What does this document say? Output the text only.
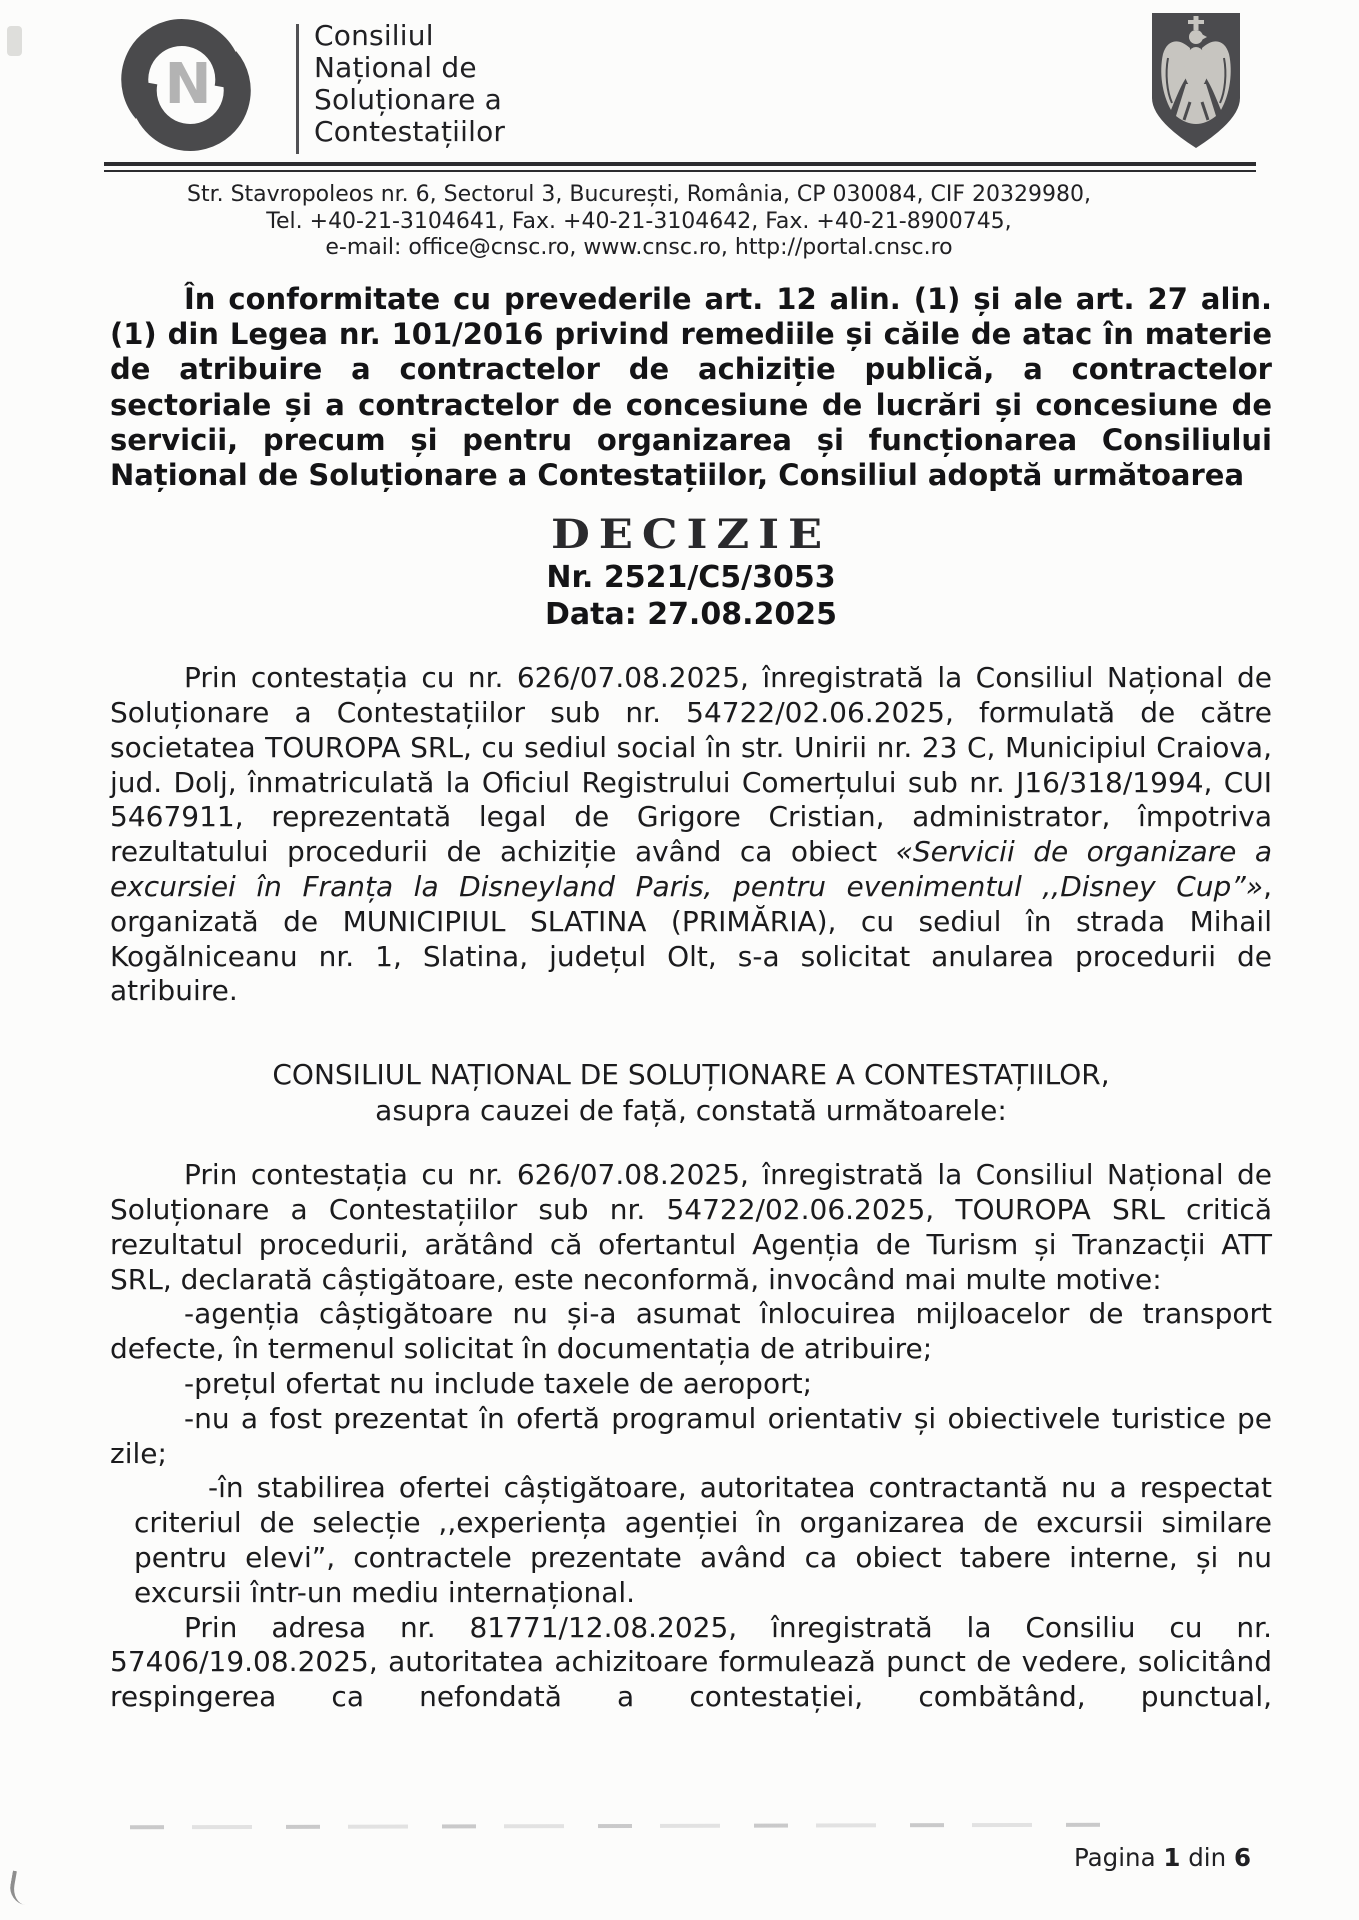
N
Consiliul
Național de
Soluționare a
Contestațiilor
Str. Stavropoleos nr. 6, Sectorul 3, București, România, CP 030084, CIF 20329980,
Tel. +40-21-3104641, Fax. +40-21-3104642, Fax. +40-21-8900745,
e-mail: office@cnsc.ro, www.cnsc.ro, http://portal.cnsc.ro

În conformitate cu prevederile art. 12 alin. (1) și ale art. 27 alin. (1) din Legea nr. 101/2016 privind remediile și căile de atac în materie de atribuire a contractelor de achiziție publică, a contractelor sectoriale și a contractelor de concesiune de lucrări și concesiune de servicii, precum și pentru organizarea și funcționarea Consiliului Național de Soluționare a Contestațiilor, Consiliul adoptă următoarea

DECIZIE
Nr. 2521/C5/3053
Data: 27.08.2025

Prin contestația cu nr. 626/07.08.2025, înregistrată la Consiliul Național de Soluționare a Contestațiilor sub nr. 54722/02.06.2025, formulată de către societatea TOUROPA SRL, cu sediul social în str. Unirii nr. 23 C, Municipiul Craiova, jud. Dolj, înmatriculată la Oficiul Registrului Comerțului sub nr. J16/318/1994, CUI 5467911, reprezentată legal de Grigore Cristian, administrator, împotriva rezultatului procedurii de achiziție având ca obiect «Servicii de organizare a excursiei în Franța la Disneyland Paris, pentru evenimentul ,,Disney Cup”», organizată de MUNICIPIUL SLATINA (PRIMĂRIA), cu sediul în strada Mihail Kogălniceanu nr. 1, Slatina, județul Olt, s-a solicitat anularea procedurii de atribuire.

CONSILIUL NAȚIONAL DE SOLUȚIONARE A CONTESTAȚIILOR,
asupra cauzei de față, constată următoarele:

Prin contestația cu nr. 626/07.08.2025, înregistrată la Consiliul Național de Soluționare a Contestațiilor sub nr. 54722/02.06.2025, TOUROPA SRL critică rezultatul procedurii, arătând că ofertantul Agenția de Turism și Tranzacții ATT SRL, declarată câștigătoare, este neconformă, invocând mai multe motive:

-agenția câștigătoare nu și-a asumat înlocuirea mijloacelor de transport defecte, în termenul solicitat în documentația de atribuire;

-prețul ofertat nu include taxele de aeroport;

-nu a fost prezentat în ofertă programul orientativ și obiectivele turistice pe zile;

-în stabilirea ofertei câștigătoare, autoritatea contractantă nu a respectat criteriul de selecție ,,experiența agenției în organizarea de excursii similare pentru elevi”, contractele prezentate având ca obiect tabere interne, și nu excursii într-un mediu internațional.

Prin adresa nr. 81771/12.08.2025, înregistrată la Consiliu cu nr. 57406/19.08.2025, autoritatea achizitoare formulează punct de vedere, solicitând respingerea ca nefondată a contestației, combătând, punctual,

Pagina 1 din 6
